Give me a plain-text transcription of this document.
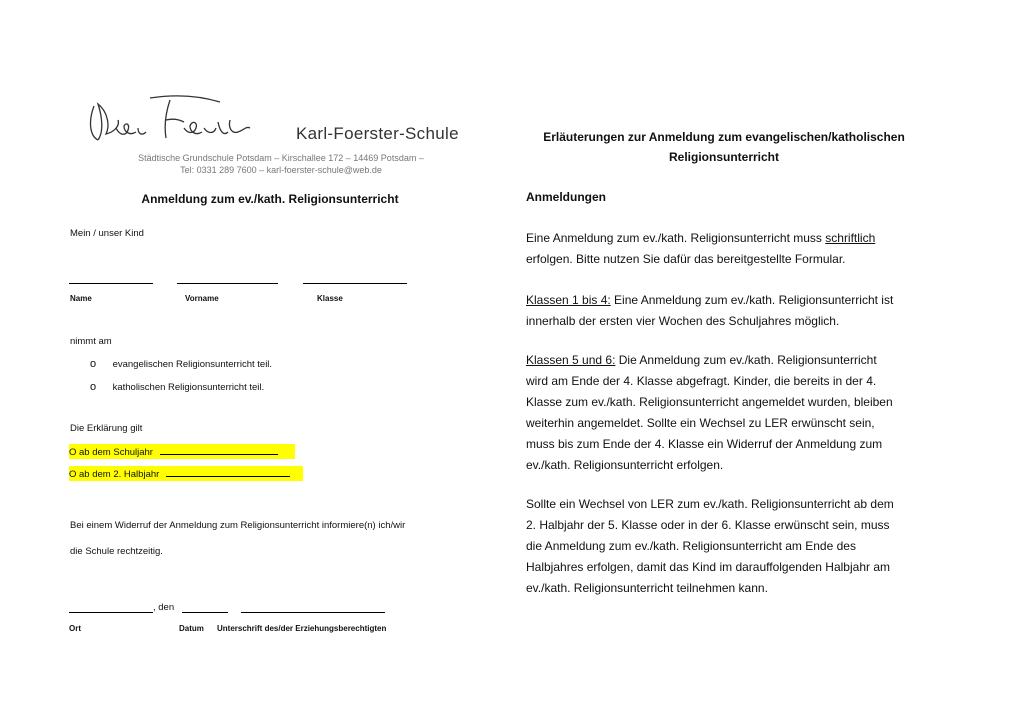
Karl-Foerster-Schule
Städtische Grundschule Potsdam – Kirschallee 172 – 14469 Potsdam –
Tel: 0331 289 7600 – karl-foerster-schule@web.de
Anmeldung zum ev./kath. Religionsunterricht
Mein / unser Kind
Name	Vorname	Klasse
nimmt am
o evangelischen Religionsunterricht teil.
o katholischen Religionsunterricht teil.
Die Erklärung gilt
O ab dem Schuljahr
O ab dem 2. Halbjahr
Bei einem Widerruf der Anmeldung zum Religionsunterricht informiere(n) ich/wir
die Schule rechtzeitig.
, den
Ort	Datum Unterschrift des/der Erziehungsberechtigten
Erläuterungen zur Anmeldung zum evangelischen/katholischen
Religionsunterricht
Anmeldungen
Eine Anmeldung zum ev./kath. Religionsunterricht muss schriftlich
erfolgen. Bitte nutzen Sie dafür das bereitgestellte Formular.
Klassen 1 bis 4: Eine Anmeldung zum ev./kath. Religionsunterricht ist
innerhalb der ersten vier Wochen des Schuljahres möglich.
Klassen 5 und 6: Die Anmeldung zum ev./kath. Religionsunterricht
wird am Ende der 4. Klasse abgefragt. Kinder, die bereits in der 4.
Klasse zum ev./kath. Religionsunterricht angemeldet wurden, bleiben
weiterhin angemeldet. Sollte ein Wechsel zu LER erwünscht sein,
muss bis zum Ende der 4. Klasse ein Widerruf der Anmeldung zum
ev./kath. Religionsunterricht erfolgen.
Sollte ein Wechsel von LER zum ev./kath. Religionsunterricht ab dem
2. Halbjahr der 5. Klasse oder in der 6. Klasse erwünscht sein, muss
die Anmeldung zum ev./kath. Religionsunterricht am Ende des
Halbjahres erfolgen, damit das Kind im darauffolgenden Halbjahr am
ev./kath. Religionsunterricht teilnehmen kann.
